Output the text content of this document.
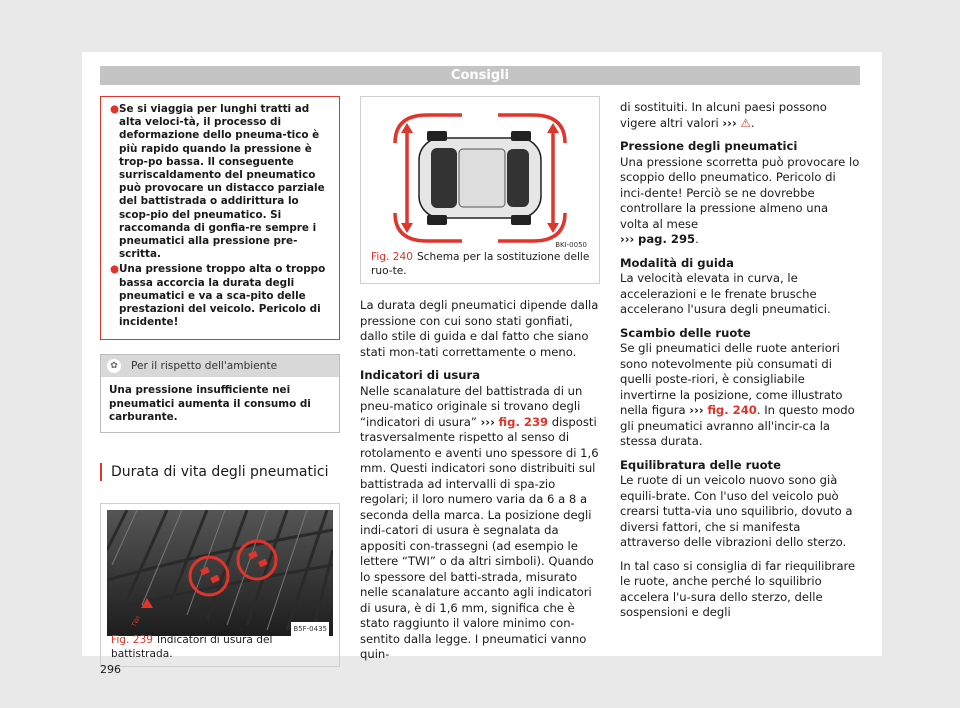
Consigli

● Se si viaggia per lunghi tratti ad alta veloci-tà, il processo di deformazione dello pneuma-tico è più rapido quando la pressione è trop-po bassa. Il conseguente surriscaldamento del pneumatico può provocare un distacco parziale del battistrada o addirittura lo scop-pio del pneumatico. Si raccomanda di gonfia-re sempre i pneumatici alla pressione pre-scritta.

● Una pressione troppo alta o troppo bassa accorcia la durata degli pneumatici e va a sca-pito delle prestazioni del veicolo. Pericolo di incidente!

✿	Per il rispetto dell'ambiente
Una pressione insufficiente nei pneumatici aumenta il consumo di carburante.
Durata di vita degli pneumatici
TWI
B5F-0435
Fig. 239 Indicatori di usura del battistrada.
296
BKI-0050
Fig. 240 Schema per la sostituzione delle ruo-te.

La durata degli pneumatici dipende dalla pressione con cui sono stati gonfiati, dallo stile di guida e dal fatto che siano stati mon-tati correttamente o meno.

Indicatori di usura

Nelle scanalature del battistrada di un pneu-matico originale si trovano degli “indicatori di usura” ››› fig. 239 disposti trasversalmente rispetto al senso di rotolamento e aventi uno spessore di 1,6 mm. Questi indicatori sono distribuiti sul battistrada ad intervalli di spa-zio regolari; il loro numero varia da 6 a 8 a seconda della marca. La posizione degli indi-catori di usura è segnalata da appositi con-trassegni (ad esempio le lettere “TWI” o da altri simboli). Quando lo spessore del batti-strada, misurato nelle scanalature accanto agli indicatori di usura, è di 1,6 mm, significa che è stato raggiunto il valore minimo con-sentito dalla legge. I pneumatici vanno quin-

di sostituiti. In alcuni paesi possono vigere altri valori ››› ⚠.

Pressione degli pneumatici

Una pressione scorretta può provocare lo scoppio dello pneumatico. Pericolo di inci-dente! Perciò se ne dovrebbe controllare la pressione almeno una volta al mese
››› pag. 295.

Modalità di guida

La velocità elevata in curva, le accelerazioni e le frenate brusche accelerano l'usura degli pneumatici.

Scambio delle ruote

Se gli pneumatici delle ruote anteriori sono notevolmente più consumati di quelli poste-riori, è consigliabile invertirne la posizione, come illustrato nella figura ››› fig. 240. In questo modo gli pneumatici avranno all'incir-ca la stessa durata.

Equilibratura delle ruote

Le ruote di un veicolo nuovo sono già equili-brate. Con l'uso del veicolo può crearsi tutta-via uno squilibrio, dovuto a diversi fattori, che si manifesta attraverso delle vibrazioni dello sterzo.

In tal caso si consiglia di far riequilibrare le ruote, anche perché lo squilibrio accelera l'u-sura dello sterzo, delle sospensioni e degli
